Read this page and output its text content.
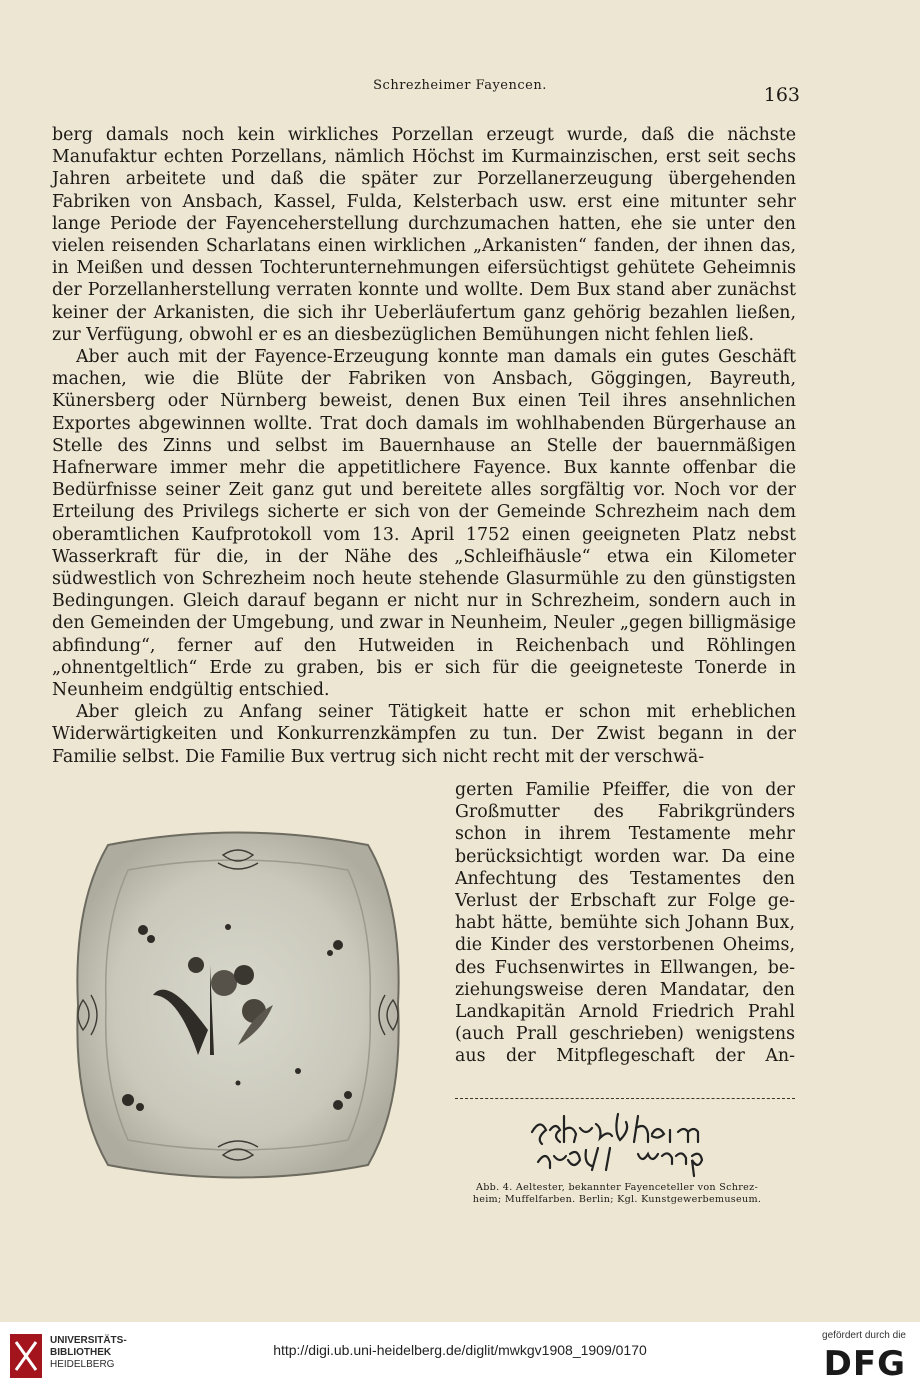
Schrezheimer Fayencen.	163

berg damals noch kein wirkliches Porzellan erzeugt wurde, daß die nächste Manufaktur echten Porzellans, nämlich Höchst im Kurmainzischen, erst seit sechs Jahren arbeitete und daß die später zur Porzellanerzeugung übergehenden Fabriken von Ansbach, Kassel, Fulda, Kelsterbach usw. erst eine mitunter sehr lange Periode der Fayenceherstellung durchzumachen hatten, ehe sie unter den vielen reisenden Scharlatans einen wirklichen „Arkanisten“ fanden, der ihnen das, in Meißen und dessen Tochterunternehmungen eifersüchtigst gehütete Geheimnis der Porzellanherstellung verraten konnte und wollte. Dem Bux stand aber zunächst keiner der Arkanisten, die sich ihr Ueberläufertum ganz gehörig bezahlen ließen, zur Verfügung, obwohl er es an diesbezüglichen Bemühungen nicht fehlen ließ.

Aber auch mit der Fayence-Erzeugung konnte man damals ein gutes Geschäft machen, wie die Blüte der Fabriken von Ansbach, Göggingen, Bayreuth, Künersberg oder Nürnberg beweist, denen Bux einen Teil ihres ansehnlichen Exportes abgewinnen wollte. Trat doch damals im wohlhabenden Bürgerhause an Stelle des Zinns und selbst im Bauernhause an Stelle der bauernmäßigen Hafnerware immer mehr die appetitlichere Fayence. Bux kannte offenbar die Bedürfnisse seiner Zeit ganz gut und bereitete alles sorgfältig vor. Noch vor der Erteilung des Privilegs sicherte er sich von der Gemeinde Schrezheim nach dem oberamtlichen Kaufprotokoll vom 13. April 1752 einen geeigneten Platz nebst Wasserkraft für die, in der Nähe des „Schleifhäusle“ etwa ein Kilometer südwestlich von Schrezheim noch heute stehende Glasurmühle zu den günstigsten Bedingungen. Gleich darauf begann er nicht nur in Schrezheim, sondern auch in den Gemeinden der Umgebung, und zwar in Neunheim, Neuler „gegen billigmäsige abfindung“, ferner auf den Hutweiden in Reichenbach und Röhlingen „ohnentgeltlich“ Erde zu graben, bis er sich für die geeigneteste Tonerde in Neunheim endgültig entschied.

Aber gleich zu Anfang seiner Tätigkeit hatte er schon mit erheblichen Widerwärtigkeiten und Konkurrenzkämpfen zu tun. Der Zwist begann in der Familie selbst. Die Familie Bux vertrug sich nicht recht mit der verschwä-

gerten Familie Pfeiffer, die von der
Großmutter des Fabrikgründers
schon in ihrem Testamente mehr
berücksichtigt worden war. Da eine
Anfechtung des Testamentes den
Verlust der Erbschaft zur Folge ge-
habt hätte, bemühte sich Johann Bux,
die Kinder des verstorbenen Oheims,
des Fuchsenwirtes in Ellwangen, be-
ziehungsweise deren Mandatar, den
Landkapitän Arnold Friedrich Prahl
(auch Prall geschrieben) wenigstens
aus der Mitpflegeschaft der An-
Abb. 4. Aeltester, bekannter Fayenceteller von Schrez-
heim; Muffelfarben. Berlin; Kgl. Kunstgewerbemuseum.
UNIVERSITÄTS-
BIBLIOTHEK
HEIDELBERG
http://digi.ub.uni-heidelberg.de/diglit/mwkgv1908_1909/0170
gefördert durch die
DFG
